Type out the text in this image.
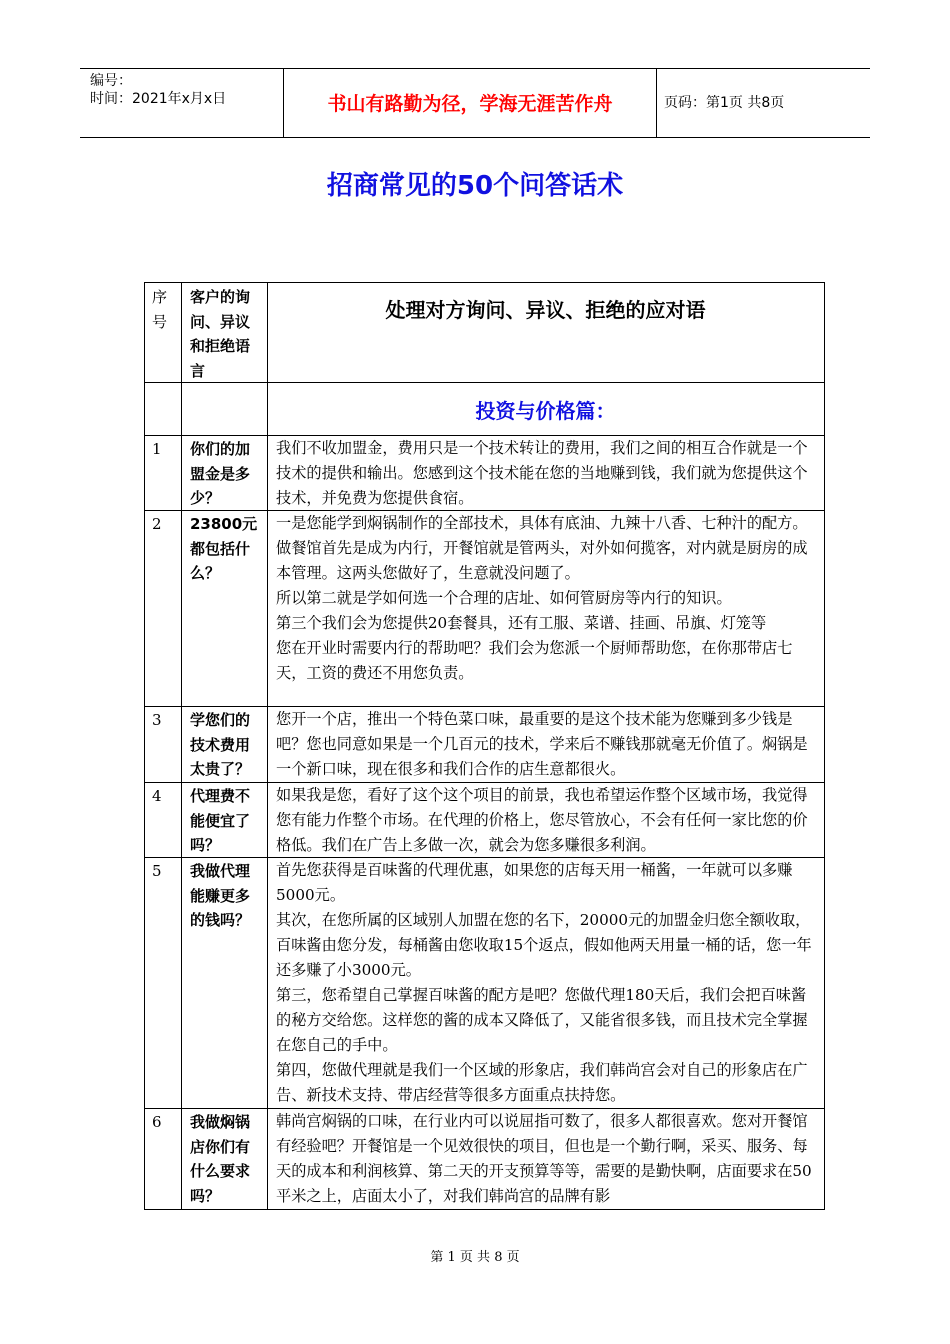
编号：
时间：2021年x月x日	书山有路勤为径，学海无涯苦作舟	页码：第1页 共8页
招商常见的50个问答话术
序号
客户的询问、异议和拒绝语言
处理对方询问、异议、拒绝的应对语
投资与价格篇：
1 你们的加盟金是多少？

我们不收加盟金，费用只是一个技术转让的费用，我们之间的相互合作就是一个技术的提供和输出。您感到这个技术能在您的当地赚到钱，我们就为您提供这个技术，并免费为您提供食宿。

2 23800元都包括什么？

一是您能学到焖锅制作的全部技术，具体有底油、九辣十八香、七种汁的配方。做餐馆首先是成为内行，开餐馆就是管两头，对外如何揽客，对内就是厨房的成本管理。这两头您做好了，生意就没问题了。

所以第二就是学如何选一个合理的店址、如何管厨房等内行的知识。

第三个我们会为您提供20套餐具，还有工服、菜谱、挂画、吊旗、灯笼等

您在开业时需要内行的帮助吧？我们会为您派一个厨师帮助您，在你那带店七天，工资的费还不用您负责。

3 学您们的技术费用太贵了？

您开一个店，推出一个特色菜口味，最重要的是这个技术能为您赚到多少钱是吧？您也同意如果是一个几百元的技术，学来后不赚钱那就毫无价值了。焖锅是一个新口味，现在很多和我们合作的店生意都很火。

4 代理费不能便宜了吗？

如果我是您，看好了这个这个项目的前景，我也希望运作整个区域市场，我觉得您有能力作整个市场。在代理的价格上，您尽管放心，不会有任何一家比您的价格低。我们在广告上多做一次，就会为您多赚很多利润。

5 我做代理能赚更多的钱吗？

首先您获得是百味酱的代理优惠，如果您的店每天用一桶酱，一年就可以多赚5000元。

其次，在您所属的区域别人加盟在您的名下，20000元的加盟金归您全额收取，百味酱由您分发，每桶酱由您收取15个返点，假如他两天用量一桶的话，您一年还多赚了小3000元。

第三，您希望自己掌握百味酱的配方是吧？您做代理180天后，我们会把百味酱的秘方交给您。这样您的酱的成本又降低了，又能省很多钱，而且技术完全掌握在您自己的手中。

第四，您做代理就是我们一个区域的形象店，我们韩尚宫会对自己的形象店在广告、新技术支持、带店经营等很多方面重点扶持您。

6 我做焖锅店你们有什么要求吗？

韩尚宫焖锅的口味，在行业内可以说屈指可数了，很多人都很喜欢。您对开餐馆有经验吧？开餐馆是一个见效很快的项目，但也是一个勤行啊，采买、服务、每天的成本和利润核算、第二天的开支预算等等，需要的是勤快啊，店面要求在50平米之上，店面太小了，对我们韩尚宫的品牌有影

第 1 页 共 8 页
